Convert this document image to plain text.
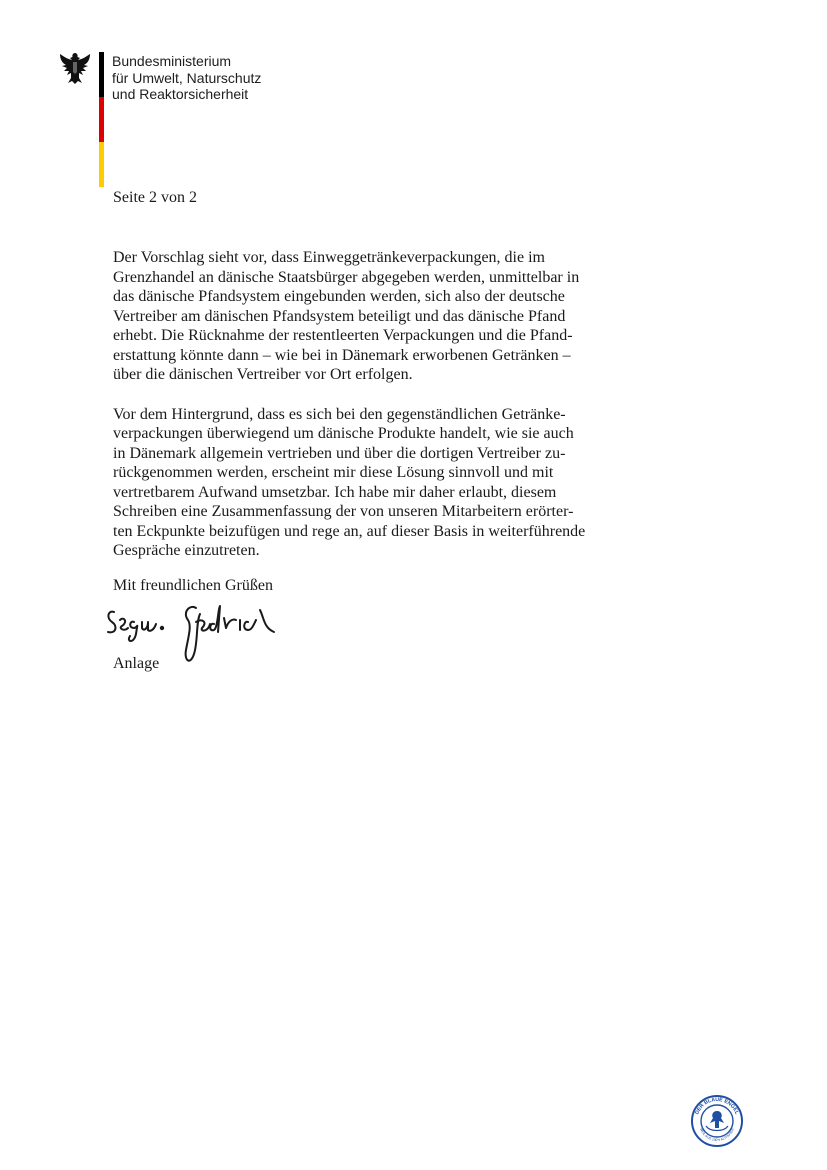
Bundesministerium
für Umwelt, Naturschutz
und Reaktorsicherheit
Seite 2 von 2
Der Vorschlag sieht vor, dass Einweggetränkeverpackungen, die im
Grenzhandel an dänische Staatsbürger abgegeben werden, unmittelbar in
das dänische Pfandsystem eingebunden werden, sich also der deutsche
Vertreiber am dänischen Pfandsystem beteiligt und das dänische Pfand
erhebt. Die Rücknahme der restentleerten Verpackungen und die Pfand-
erstattung könnte dann – wie bei in Dänemark erworbenen Getränken –
über die dänischen Vertreiber vor Ort erfolgen.
Vor dem Hintergrund, dass es sich bei den gegenständlichen Getränke-
verpackungen überwiegend um dänische Produkte handelt, wie sie auch
in Dänemark allgemein vertrieben und über die dortigen Vertreiber zu-
rückgenommen werden, erscheint mir diese Lösung sinnvoll und mit
vertretbarem Aufwand umsetzbar. Ich habe mir daher erlaubt, diesem
Schreiben eine Zusammenfassung der von unseren Mitarbeitern erörter-
ten Eckpunkte beizufügen und rege an, auf dieser Basis in weiterführende
Gespräche einzutreten.
Mit freundlichen Grüßen
Anlage
DER BLAUE ENGEL
WEIL AUS 100% ALTPAPIER
